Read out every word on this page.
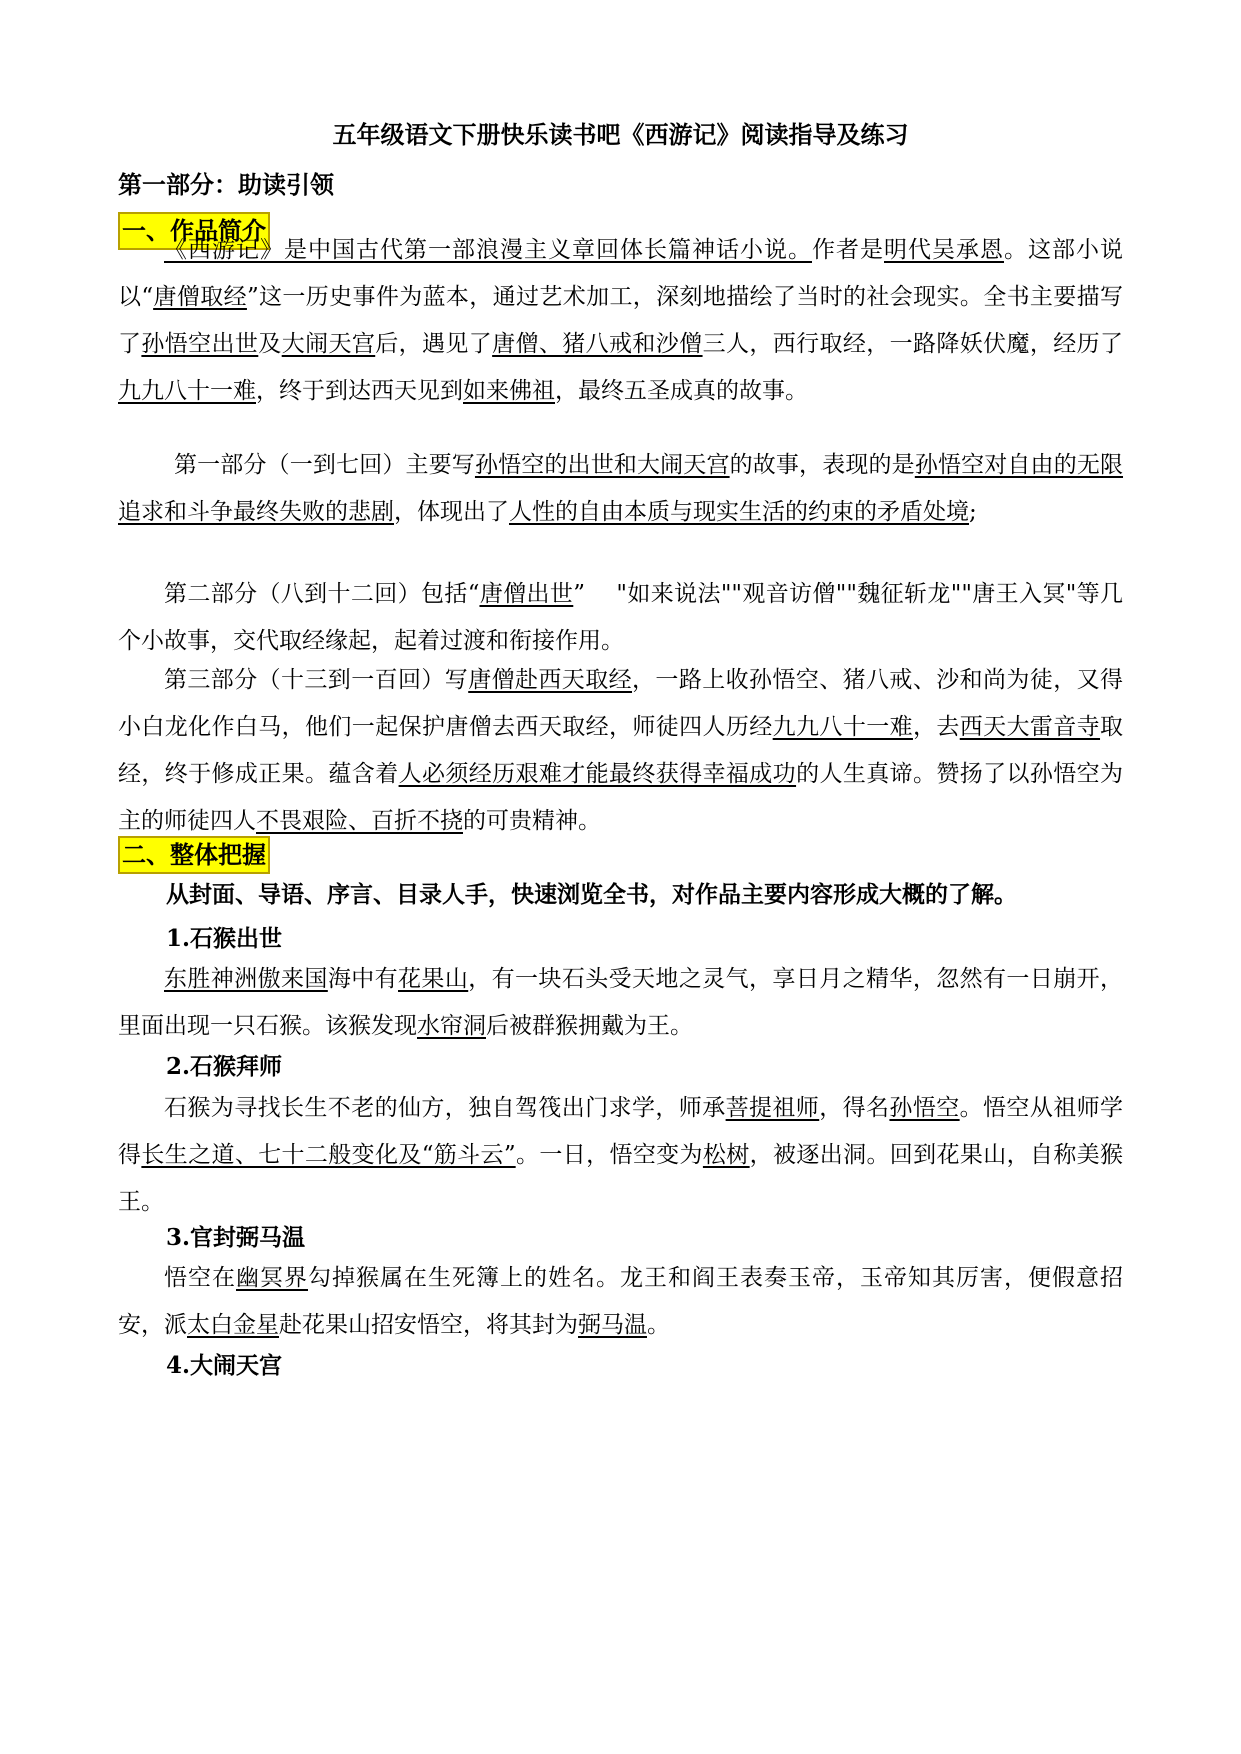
五年级语文下册快乐读书吧《西游记》阅读指导及练习
第一部分：助读引领
一、作品简介
《西游记》是中国古代第一部浪漫主义章回体长篇神话小说。作者是明代吴承恩。这部小说以“唐僧取经”这一历史事件为蓝本，通过艺术加工，深刻地描绘了当时的社会现实。全书主要描写了孙悟空出世及大闹天宫后，遇见了唐僧、猪八戒和沙僧三人，西行取经，一路降妖伏魔，经历了九九八十一难，终于到达西天见到如来佛祖，最终五圣成真的故事。
第一部分（一到七回）主要写孙悟空的出世和大闹天宫的故事，表现的是孙悟空对自由的无限追求和斗争最终失败的悲剧，体现出了人性的自由本质与现实生活的约束的矛盾处境;
第二部分（八到十二回）包括“唐僧出世”　 "如来说法""观音访僧""魏征斩龙""唐王入冥"等几个小故事，交代取经缘起，起着过渡和衔接作用。
第三部分（十三到一百回）写唐僧赴西天取经，一路上收孙悟空、猪八戒、沙和尚为徒，又得小白龙化作白马，他们一起保护唐僧去西天取经，师徒四人历经九九八十一难，去西天大雷音寺取经，终于修成正果。蕴含着人必须经历艰难才能最终获得幸福成功的人生真谛。赞扬了以孙悟空为主的师徒四人不畏艰险、百折不挠的可贵精神。
二、整体把握
从封面、导语、序言、目录人手，快速浏览全书，对作品主要内容形成大概的了解。
1.石猴出世
东胜神洲傲来国海中有花果山，有一块石头受天地之灵气，享日月之精华，忽然有一日崩开，里面出现一只石猴。该猴发现水帘洞后被群猴拥戴为王。
2.石猴拜师
石猴为寻找长生不老的仙方，独自驾筏出门求学，师承菩提祖师，得名孙悟空。悟空从祖师学得长生之道、七十二般变化及“筋斗云”。一日，悟空变为松树，被逐出洞。回到花果山，自称美猴王。
3.官封弼马温
悟空在幽冥界勾掉猴属在生死簿上的姓名。龙王和阎王表奏玉帝，玉帝知其厉害，便假意招安，派太白金星赴花果山招安悟空，将其封为弼马温。
4.大闹天宫
